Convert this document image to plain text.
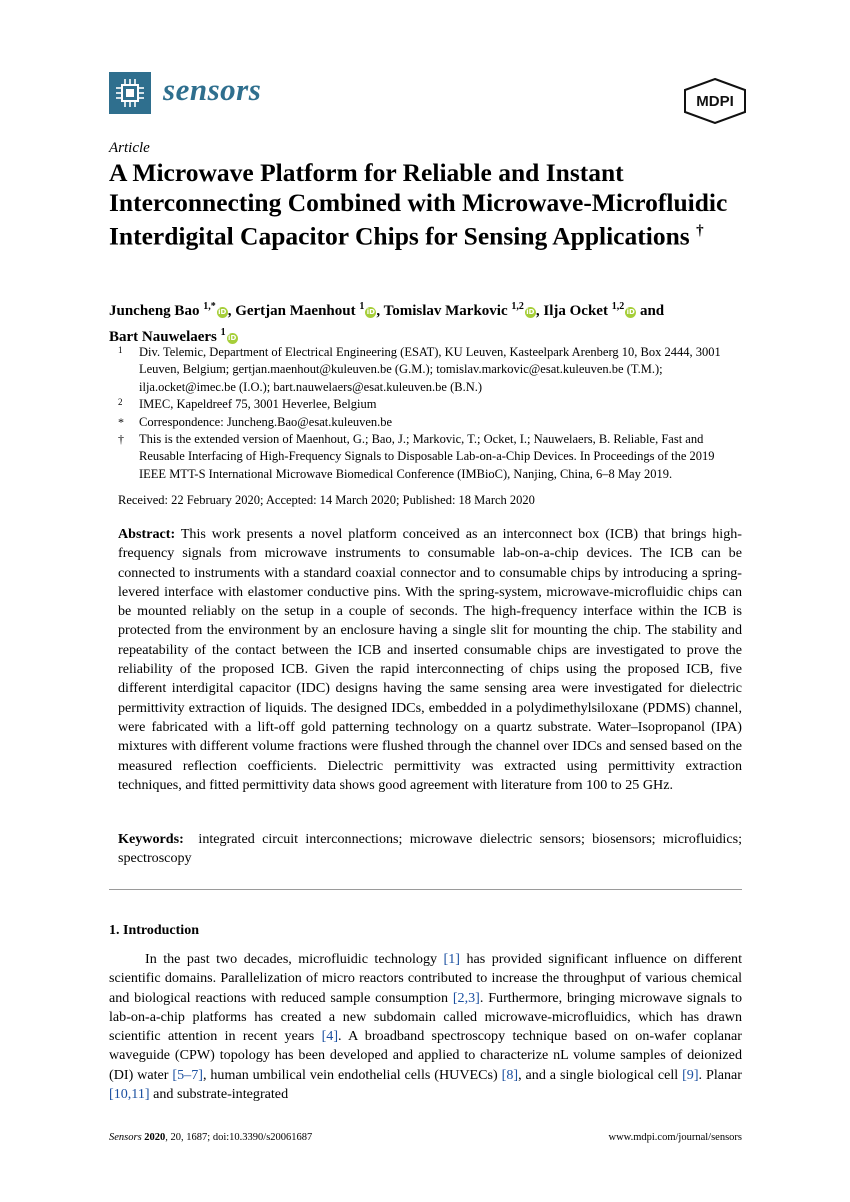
sensors	MDPI
Article
A Microwave Platform for Reliable and Instant Interconnecting Combined with Microwave-Microfluidic Interdigital Capacitor Chips for Sensing Applications †
Juncheng Bao $^{1,*}$ iD, Gertjan Maenhout $^1$ iD, Tomislav Markovic $^{1,2}$ iD, Ilja Ocket $^{1,2}$ iD and
Bart Nauwelaers $^1$ iD
1 Div. Telemic, Department of Electrical Engineering (ESAT), KU Leuven, Kasteelpark Arenberg 10, Box 2444, 3001 Leuven, Belgium; gertjan.maenhout@kuleuven.be (G.M.); tomislav.markovic@esat.kuleuven.be (T.M.); ilja.ocket@imec.be (I.O.); bart.nauwelaers@esat.kuleuven.be (B.N.)
2 IMEC, Kapeldreef 75, 3001 Heverlee, Belgium
* Correspondence: Juncheng.Bao@esat.kuleuven.be
† This is the extended version of Maenhout, G.; Bao, J.; Markovic, T.; Ocket, I.; Nauwelaers, B. Reliable, Fast and Reusable Interfacing of High-Frequency Signals to Disposable Lab-on-a-Chip Devices. In Proceedings of the 2019 IEEE MTT-S International Microwave Biomedical Conference (IMBioC), Nanjing, China, 6–8 May 2019.
Received: 22 February 2020; Accepted: 14 March 2020; Published: 18 March 2020

Abstract: This work presents a novel platform conceived as an interconnect box (ICB) that brings high-frequency signals from microwave instruments to consumable lab-on-a-chip devices. The ICB can be connected to instruments with a standard coaxial connector and to consumable chips by introducing a spring-levered interface with elastomer conductive pins. With the spring-system, microwave-microfluidic chips can be mounted reliably on the setup in a couple of seconds. The high-frequency interface within the ICB is protected from the environment by an enclosure having a single slit for mounting the chip. The stability and repeatability of the contact between the ICB and inserted consumable chips are investigated to prove the reliability of the proposed ICB. Given the rapid interconnecting of chips using the proposed ICB, five different interdigital capacitor (IDC) designs having the same sensing area were investigated for dielectric permittivity extraction of liquids. The designed IDCs, embedded in a polydimethylsiloxane (PDMS) channel, were fabricated with a lift-off gold patterning technology on a quartz substrate. Water–Isopropanol (IPA) mixtures with different volume fractions were flushed through the channel over IDCs and sensed based on the measured reflection coefficients. Dielectric permittivity was extracted using permittivity extraction techniques, and fitted permittivity data shows good agreement with literature from 100 to 25 GHz.

Keywords: integrated circuit interconnections; microwave dielectric sensors; biosensors; microfluidics; spectroscopy

1. Introduction

In the past two decades, microfluidic technology [1] has provided significant influence on different scientific domains. Parallelization of micro reactors contributed to increase the throughput of various chemical and biological reactions with reduced sample consumption [2,3]. Furthermore, bringing microwave signals to lab-on-a-chip platforms has created a new subdomain called microwave-microfluidics, which has drawn scientific attention in recent years [4]. A broadband spectroscopy technique based on on-wafer coplanar waveguide (CPW) topology has been developed and applied to characterize nL volume samples of deionized (DI) water [5–7], human umbilical vein endothelial cells (HUVECs) [8], and a single biological cell [9]. Planar [10,11] and substrate-integrated

Sensors 2020, 20, 1687; doi:10.3390/s20061687	www.mdpi.com/journal/sensors
